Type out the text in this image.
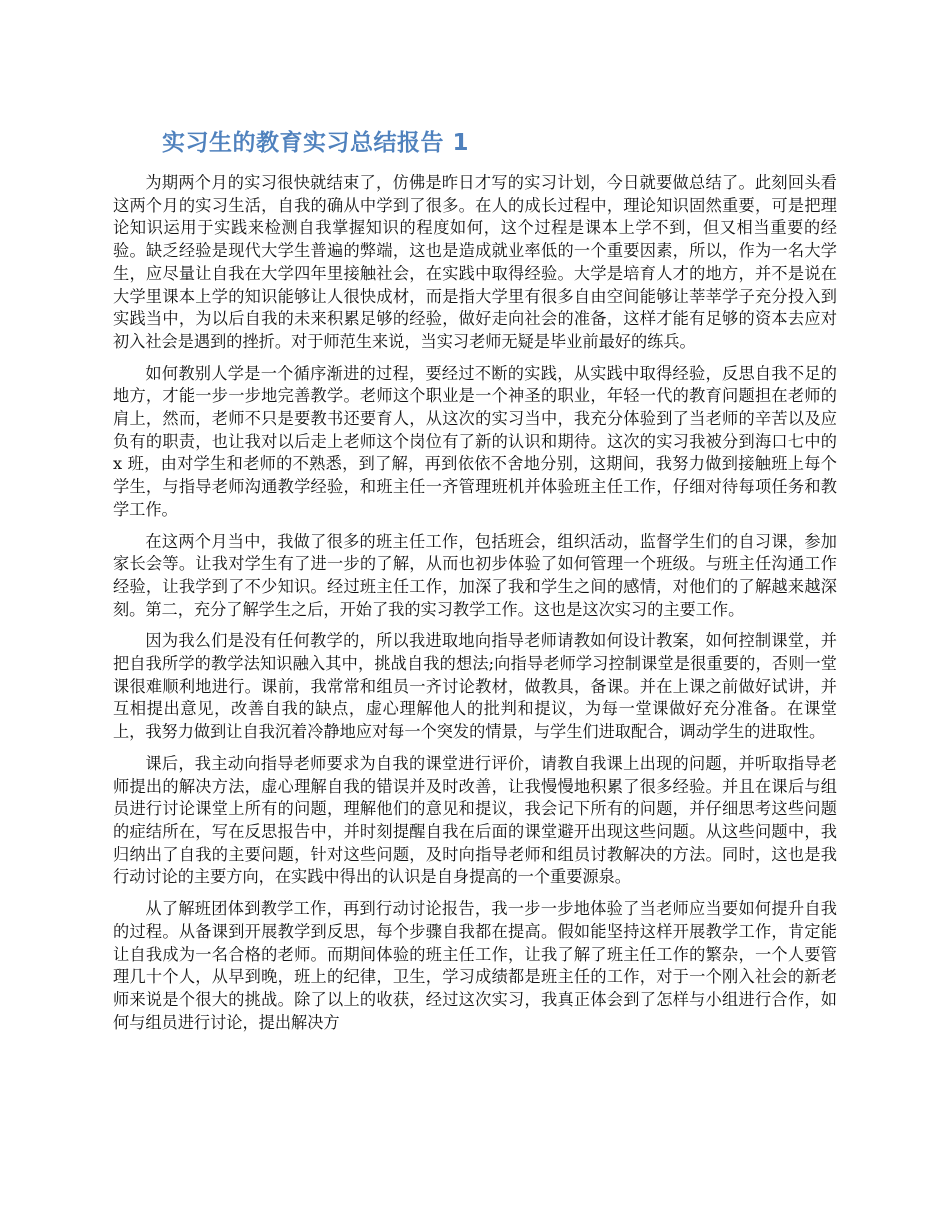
实习生的教育实习总结报告 1

为期两个月的实习很快就结束了，仿佛是昨日才写的实习计划，今日就要做总结了。此刻回头看这两个月的实习生活，自我的确从中学到了很多。在人的成长过程中，理论知识固然重要，可是把理论知识运用于实践来检测自我掌握知识的程度如何，这个过程是课本上学不到，但又相当重要的经验。缺乏经验是现代大学生普遍的弊端，这也是造成就业率低的一个重要因素，所以，作为一名大学生，应尽量让自我在大学四年里接触社会，在实践中取得经验。大学是培育人才的地方，并不是说在大学里课本上学的知识能够让人很快成材，而是指大学里有很多自由空间能够让莘莘学子充分投入到实践当中，为以后自我的未来积累足够的经验，做好走向社会的准备，这样才能有足够的资本去应对初入社会是遇到的挫折。对于师范生来说，当实习老师无疑是毕业前最好的练兵。

如何教别人学是一个循序渐进的过程，要经过不断的实践，从实践中取得经验，反思自我不足的地方，才能一步一步地完善教学。老师这个职业是一个神圣的职业，年轻一代的教育问题担在老师的肩上，然而，老师不只是要教书还要育人，从这次的实习当中，我充分体验到了当老师的辛苦以及应负有的职责，也让我对以后走上老师这个岗位有了新的认识和期待。这次的实习我被分到海口七中的 x 班，由对学生和老师的不熟悉，到了解，再到依依不舍地分别，这期间，我努力做到接触班上每个学生，与指导老师沟通教学经验，和班主任一齐管理班机并体验班主任工作，仔细对待每项任务和教学工作。

在这两个月当中，我做了很多的班主任工作，包括班会，组织活动，监督学生们的自习课，参加家长会等。让我对学生有了进一步的了解，从而也初步体验了如何管理一个班级。与班主任沟通工作经验，让我学到了不少知识。经过班主任工作，加深了我和学生之间的感情，对他们的了解越来越深刻。第二，充分了解学生之后，开始了我的实习教学工作。这也是这次实习的主要工作。

因为我么们是没有任何教学的，所以我进取地向指导老师请教如何设计教案，如何控制课堂，并把自我所学的教学法知识融入其中，挑战自我的想法;向指导老师学习控制课堂是很重要的，否则一堂课很难顺利地进行。课前，我常常和组员一齐讨论教材，做教具，备课。并在上课之前做好试讲，并互相提出意见，改善自我的缺点，虚心理解他人的批判和提议，为每一堂课做好充分准备。在课堂上，我努力做到让自我沉着冷静地应对每一个突发的情景，与学生们进取配合，调动学生的进取性。

课后，我主动向指导老师要求为自我的课堂进行评价，请教自我课上出现的问题，并听取指导老师提出的解决方法，虚心理解自我的错误并及时改善，让我慢慢地积累了很多经验。并且在课后与组员进行讨论课堂上所有的问题，理解他们的意见和提议，我会记下所有的问题，并仔细思考这些问题的症结所在，写在反思报告中，并时刻提醒自我在后面的课堂避开出现这些问题。从这些问题中，我归纳出了自我的主要问题，针对这些问题，及时向指导老师和组员讨教解决的方法。同时，这也是我行动讨论的主要方向，在实践中得出的认识是自身提高的一个重要源泉。

从了解班团体到教学工作，再到行动讨论报告，我一步一步地体验了当老师应当要如何提升自我的过程。从备课到开展教学到反思，每个步骤自我都在提高。假如能坚持这样开展教学工作，肯定能让自我成为一名合格的老师。而期间体验的班主任工作，让我了解了班主任工作的繁杂，一个人要管理几十个人，从早到晚，班上的纪律，卫生，学习成绩都是班主任的工作，对于一个刚入社会的新老师来说是个很大的挑战。除了以上的收获，经过这次实习，我真正体会到了怎样与小组进行合作，如何与组员进行讨论，提出解决方
